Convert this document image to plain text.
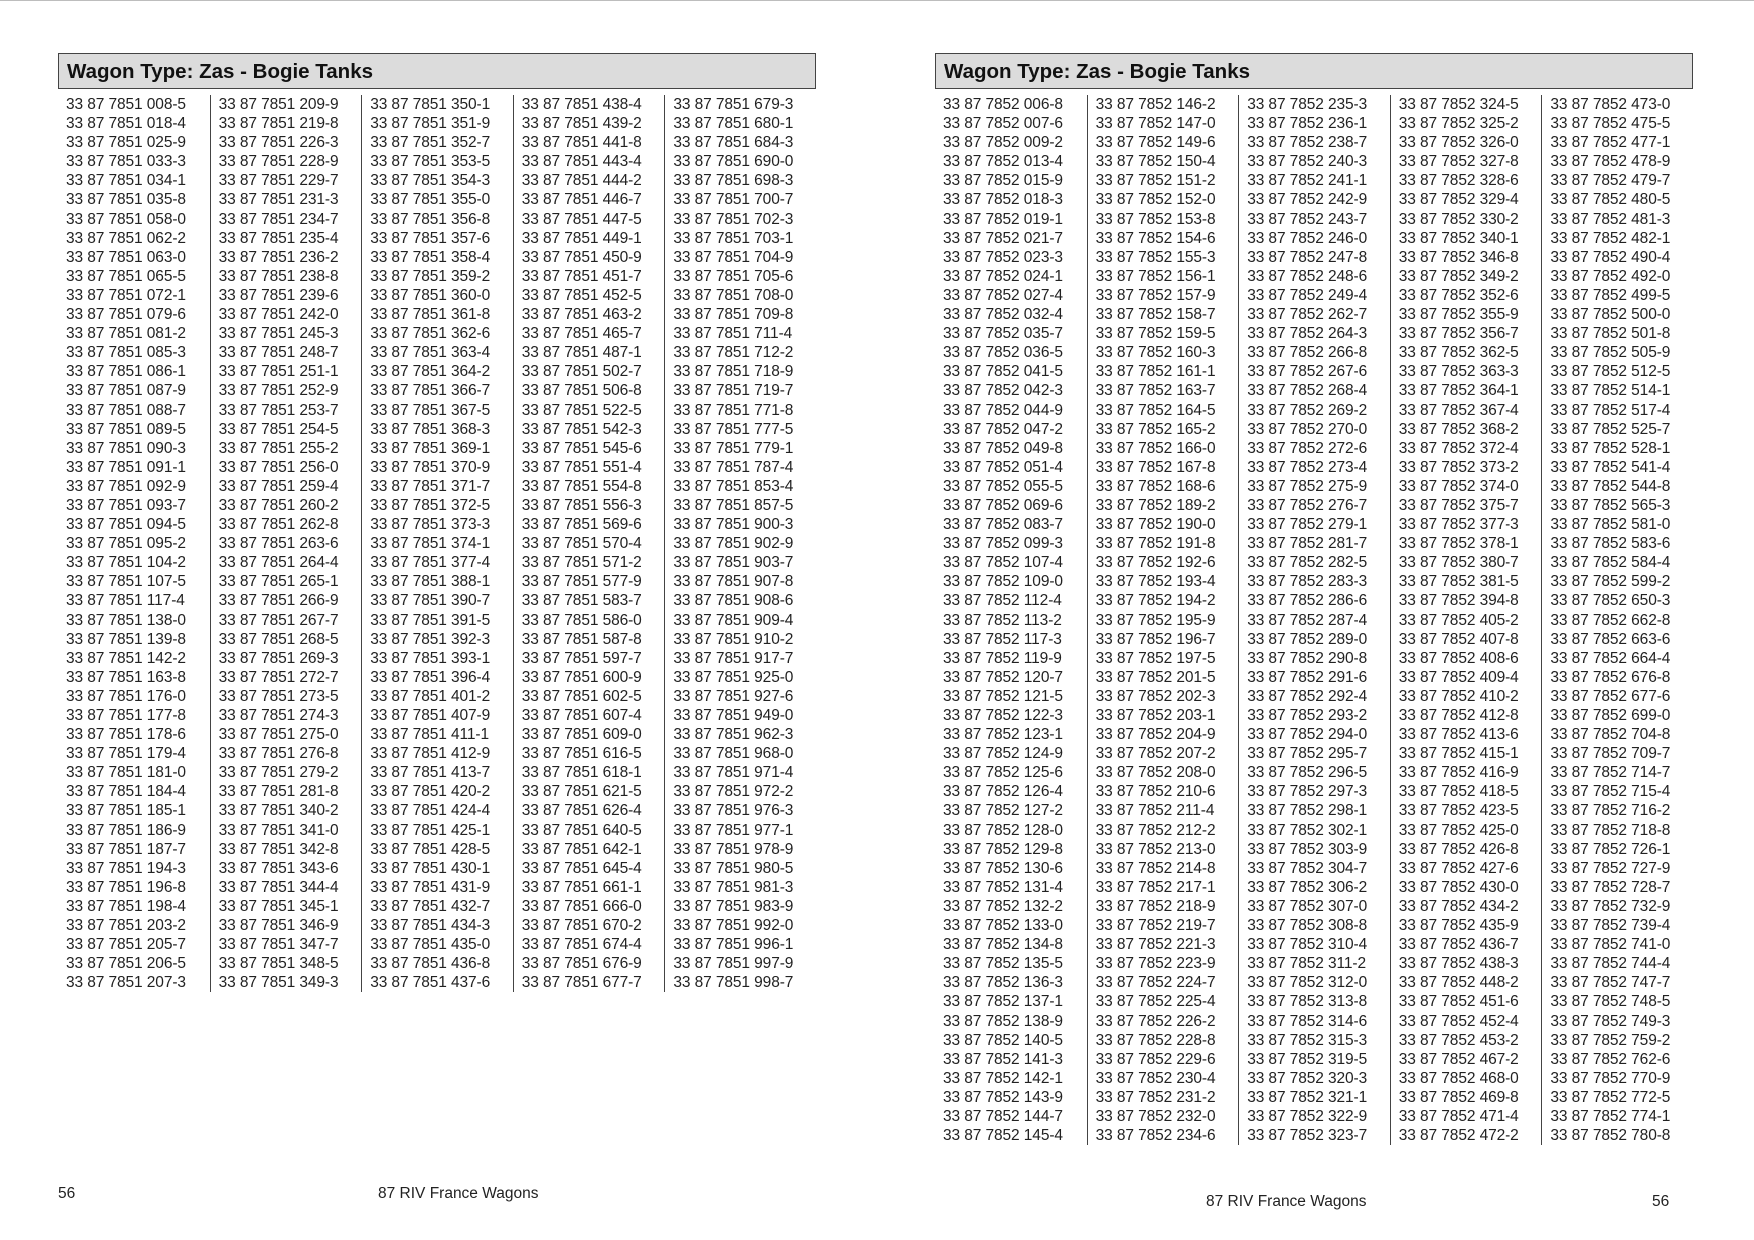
Wagon Type: Zas - Bogie Tanks
33 87 7851 008-5
33 87 7851 018-4
33 87 7851 025-9
33 87 7851 033-3
33 87 7851 034-1
33 87 7851 035-8
33 87 7851 058-0
33 87 7851 062-2
33 87 7851 063-0
33 87 7851 065-5
33 87 7851 072-1
33 87 7851 079-6
33 87 7851 081-2
33 87 7851 085-3
33 87 7851 086-1
33 87 7851 087-9
33 87 7851 088-7
33 87 7851 089-5
33 87 7851 090-3
33 87 7851 091-1
33 87 7851 092-9
33 87 7851 093-7
33 87 7851 094-5
33 87 7851 095-2
33 87 7851 104-2
33 87 7851 107-5
33 87 7851 117-4
33 87 7851 138-0
33 87 7851 139-8
33 87 7851 142-2
33 87 7851 163-8
33 87 7851 176-0
33 87 7851 177-8
33 87 7851 178-6
33 87 7851 179-4
33 87 7851 181-0
33 87 7851 184-4
33 87 7851 185-1
33 87 7851 186-9
33 87 7851 187-7
33 87 7851 194-3
33 87 7851 196-8
33 87 7851 198-4
33 87 7851 203-2
33 87 7851 205-7
33 87 7851 206-5
33 87 7851 207-3
33 87 7851 209-9
33 87 7851 219-8
33 87 7851 226-3
33 87 7851 228-9
33 87 7851 229-7
33 87 7851 231-3
33 87 7851 234-7
33 87 7851 235-4
33 87 7851 236-2
33 87 7851 238-8
33 87 7851 239-6
33 87 7851 242-0
33 87 7851 245-3
33 87 7851 248-7
33 87 7851 251-1
33 87 7851 252-9
33 87 7851 253-7
33 87 7851 254-5
33 87 7851 255-2
33 87 7851 256-0
33 87 7851 259-4
33 87 7851 260-2
33 87 7851 262-8
33 87 7851 263-6
33 87 7851 264-4
33 87 7851 265-1
33 87 7851 266-9
33 87 7851 267-7
33 87 7851 268-5
33 87 7851 269-3
33 87 7851 272-7
33 87 7851 273-5
33 87 7851 274-3
33 87 7851 275-0
33 87 7851 276-8
33 87 7851 279-2
33 87 7851 281-8
33 87 7851 340-2
33 87 7851 341-0
33 87 7851 342-8
33 87 7851 343-6
33 87 7851 344-4
33 87 7851 345-1
33 87 7851 346-9
33 87 7851 347-7
33 87 7851 348-5
33 87 7851 349-3
33 87 7851 350-1
33 87 7851 351-9
33 87 7851 352-7
33 87 7851 353-5
33 87 7851 354-3
33 87 7851 355-0
33 87 7851 356-8
33 87 7851 357-6
33 87 7851 358-4
33 87 7851 359-2
33 87 7851 360-0
33 87 7851 361-8
33 87 7851 362-6
33 87 7851 363-4
33 87 7851 364-2
33 87 7851 366-7
33 87 7851 367-5
33 87 7851 368-3
33 87 7851 369-1
33 87 7851 370-9
33 87 7851 371-7
33 87 7851 372-5
33 87 7851 373-3
33 87 7851 374-1
33 87 7851 377-4
33 87 7851 388-1
33 87 7851 390-7
33 87 7851 391-5
33 87 7851 392-3
33 87 7851 393-1
33 87 7851 396-4
33 87 7851 401-2
33 87 7851 407-9
33 87 7851 411-1
33 87 7851 412-9
33 87 7851 413-7
33 87 7851 420-2
33 87 7851 424-4
33 87 7851 425-1
33 87 7851 428-5
33 87 7851 430-1
33 87 7851 431-9
33 87 7851 432-7
33 87 7851 434-3
33 87 7851 435-0
33 87 7851 436-8
33 87 7851 437-6
33 87 7851 438-4
33 87 7851 439-2
33 87 7851 441-8
33 87 7851 443-4
33 87 7851 444-2
33 87 7851 446-7
33 87 7851 447-5
33 87 7851 449-1
33 87 7851 450-9
33 87 7851 451-7
33 87 7851 452-5
33 87 7851 463-2
33 87 7851 465-7
33 87 7851 487-1
33 87 7851 502-7
33 87 7851 506-8
33 87 7851 522-5
33 87 7851 542-3
33 87 7851 545-6
33 87 7851 551-4
33 87 7851 554-8
33 87 7851 556-3
33 87 7851 569-6
33 87 7851 570-4
33 87 7851 571-2
33 87 7851 577-9
33 87 7851 583-7
33 87 7851 586-0
33 87 7851 587-8
33 87 7851 597-7
33 87 7851 600-9
33 87 7851 602-5
33 87 7851 607-4
33 87 7851 609-0
33 87 7851 616-5
33 87 7851 618-1
33 87 7851 621-5
33 87 7851 626-4
33 87 7851 640-5
33 87 7851 642-1
33 87 7851 645-4
33 87 7851 661-1
33 87 7851 666-0
33 87 7851 670-2
33 87 7851 674-4
33 87 7851 676-9
33 87 7851 677-7
33 87 7851 679-3
33 87 7851 680-1
33 87 7851 684-3
33 87 7851 690-0
33 87 7851 698-3
33 87 7851 700-7
33 87 7851 702-3
33 87 7851 703-1
33 87 7851 704-9
33 87 7851 705-6
33 87 7851 708-0
33 87 7851 709-8
33 87 7851 711-4
33 87 7851 712-2
33 87 7851 718-9
33 87 7851 719-7
33 87 7851 771-8
33 87 7851 777-5
33 87 7851 779-1
33 87 7851 787-4
33 87 7851 853-4
33 87 7851 857-5
33 87 7851 900-3
33 87 7851 902-9
33 87 7851 903-7
33 87 7851 907-8
33 87 7851 908-6
33 87 7851 909-4
33 87 7851 910-2
33 87 7851 917-7
33 87 7851 925-0
33 87 7851 927-6
33 87 7851 949-0
33 87 7851 962-3
33 87 7851 968-0
33 87 7851 971-4
33 87 7851 972-2
33 87 7851 976-3
33 87 7851 977-1
33 87 7851 978-9
33 87 7851 980-5
33 87 7851 981-3
33 87 7851 983-9
33 87 7851 992-0
33 87 7851 996-1
33 87 7851 997-9
33 87 7851 998-7
56	87 RIV France Wagons
Wagon Type: Zas - Bogie Tanks
33 87 7852 006-8
33 87 7852 007-6
33 87 7852 009-2
33 87 7852 013-4
33 87 7852 015-9
33 87 7852 018-3
33 87 7852 019-1
33 87 7852 021-7
33 87 7852 023-3
33 87 7852 024-1
33 87 7852 027-4
33 87 7852 032-4
33 87 7852 035-7
33 87 7852 036-5
33 87 7852 041-5
33 87 7852 042-3
33 87 7852 044-9
33 87 7852 047-2
33 87 7852 049-8
33 87 7852 051-4
33 87 7852 055-5
33 87 7852 069-6
33 87 7852 083-7
33 87 7852 099-3
33 87 7852 107-4
33 87 7852 109-0
33 87 7852 112-4
33 87 7852 113-2
33 87 7852 117-3
33 87 7852 119-9
33 87 7852 120-7
33 87 7852 121-5
33 87 7852 122-3
33 87 7852 123-1
33 87 7852 124-9
33 87 7852 125-6
33 87 7852 126-4
33 87 7852 127-2
33 87 7852 128-0
33 87 7852 129-8
33 87 7852 130-6
33 87 7852 131-4
33 87 7852 132-2
33 87 7852 133-0
33 87 7852 134-8
33 87 7852 135-5
33 87 7852 136-3
33 87 7852 137-1
33 87 7852 138-9
33 87 7852 140-5
33 87 7852 141-3
33 87 7852 142-1
33 87 7852 143-9
33 87 7852 144-7
33 87 7852 145-4
33 87 7852 146-2
33 87 7852 147-0
33 87 7852 149-6
33 87 7852 150-4
33 87 7852 151-2
33 87 7852 152-0
33 87 7852 153-8
33 87 7852 154-6
33 87 7852 155-3
33 87 7852 156-1
33 87 7852 157-9
33 87 7852 158-7
33 87 7852 159-5
33 87 7852 160-3
33 87 7852 161-1
33 87 7852 163-7
33 87 7852 164-5
33 87 7852 165-2
33 87 7852 166-0
33 87 7852 167-8
33 87 7852 168-6
33 87 7852 189-2
33 87 7852 190-0
33 87 7852 191-8
33 87 7852 192-6
33 87 7852 193-4
33 87 7852 194-2
33 87 7852 195-9
33 87 7852 196-7
33 87 7852 197-5
33 87 7852 201-5
33 87 7852 202-3
33 87 7852 203-1
33 87 7852 204-9
33 87 7852 207-2
33 87 7852 208-0
33 87 7852 210-6
33 87 7852 211-4
33 87 7852 212-2
33 87 7852 213-0
33 87 7852 214-8
33 87 7852 217-1
33 87 7852 218-9
33 87 7852 219-7
33 87 7852 221-3
33 87 7852 223-9
33 87 7852 224-7
33 87 7852 225-4
33 87 7852 226-2
33 87 7852 228-8
33 87 7852 229-6
33 87 7852 230-4
33 87 7852 231-2
33 87 7852 232-0
33 87 7852 234-6
33 87 7852 235-3
33 87 7852 236-1
33 87 7852 238-7
33 87 7852 240-3
33 87 7852 241-1
33 87 7852 242-9
33 87 7852 243-7
33 87 7852 246-0
33 87 7852 247-8
33 87 7852 248-6
33 87 7852 249-4
33 87 7852 262-7
33 87 7852 264-3
33 87 7852 266-8
33 87 7852 267-6
33 87 7852 268-4
33 87 7852 269-2
33 87 7852 270-0
33 87 7852 272-6
33 87 7852 273-4
33 87 7852 275-9
33 87 7852 276-7
33 87 7852 279-1
33 87 7852 281-7
33 87 7852 282-5
33 87 7852 283-3
33 87 7852 286-6
33 87 7852 287-4
33 87 7852 289-0
33 87 7852 290-8
33 87 7852 291-6
33 87 7852 292-4
33 87 7852 293-2
33 87 7852 294-0
33 87 7852 295-7
33 87 7852 296-5
33 87 7852 297-3
33 87 7852 298-1
33 87 7852 302-1
33 87 7852 303-9
33 87 7852 304-7
33 87 7852 306-2
33 87 7852 307-0
33 87 7852 308-8
33 87 7852 310-4
33 87 7852 311-2
33 87 7852 312-0
33 87 7852 313-8
33 87 7852 314-6
33 87 7852 315-3
33 87 7852 319-5
33 87 7852 320-3
33 87 7852 321-1
33 87 7852 322-9
33 87 7852 323-7
33 87 7852 324-5
33 87 7852 325-2
33 87 7852 326-0
33 87 7852 327-8
33 87 7852 328-6
33 87 7852 329-4
33 87 7852 330-2
33 87 7852 340-1
33 87 7852 346-8
33 87 7852 349-2
33 87 7852 352-6
33 87 7852 355-9
33 87 7852 356-7
33 87 7852 362-5
33 87 7852 363-3
33 87 7852 364-1
33 87 7852 367-4
33 87 7852 368-2
33 87 7852 372-4
33 87 7852 373-2
33 87 7852 374-0
33 87 7852 375-7
33 87 7852 377-3
33 87 7852 378-1
33 87 7852 380-7
33 87 7852 381-5
33 87 7852 394-8
33 87 7852 405-2
33 87 7852 407-8
33 87 7852 408-6
33 87 7852 409-4
33 87 7852 410-2
33 87 7852 412-8
33 87 7852 413-6
33 87 7852 415-1
33 87 7852 416-9
33 87 7852 418-5
33 87 7852 423-5
33 87 7852 425-0
33 87 7852 426-8
33 87 7852 427-6
33 87 7852 430-0
33 87 7852 434-2
33 87 7852 435-9
33 87 7852 436-7
33 87 7852 438-3
33 87 7852 448-2
33 87 7852 451-6
33 87 7852 452-4
33 87 7852 453-2
33 87 7852 467-2
33 87 7852 468-0
33 87 7852 469-8
33 87 7852 471-4
33 87 7852 472-2
33 87 7852 473-0
33 87 7852 475-5
33 87 7852 477-1
33 87 7852 478-9
33 87 7852 479-7
33 87 7852 480-5
33 87 7852 481-3
33 87 7852 482-1
33 87 7852 490-4
33 87 7852 492-0
33 87 7852 499-5
33 87 7852 500-0
33 87 7852 501-8
33 87 7852 505-9
33 87 7852 512-5
33 87 7852 514-1
33 87 7852 517-4
33 87 7852 525-7
33 87 7852 528-1
33 87 7852 541-4
33 87 7852 544-8
33 87 7852 565-3
33 87 7852 581-0
33 87 7852 583-6
33 87 7852 584-4
33 87 7852 599-2
33 87 7852 650-3
33 87 7852 662-8
33 87 7852 663-6
33 87 7852 664-4
33 87 7852 676-8
33 87 7852 677-6
33 87 7852 699-0
33 87 7852 704-8
33 87 7852 709-7
33 87 7852 714-7
33 87 7852 715-4
33 87 7852 716-2
33 87 7852 718-8
33 87 7852 726-1
33 87 7852 727-9
33 87 7852 728-7
33 87 7852 732-9
33 87 7852 739-4
33 87 7852 741-0
33 87 7852 744-4
33 87 7852 747-7
33 87 7852 748-5
33 87 7852 749-3
33 87 7852 759-2
33 87 7852 762-6
33 87 7852 770-9
33 87 7852 772-5
33 87 7852 774-1
33 87 7852 780-8
87 RIV France Wagons	56
